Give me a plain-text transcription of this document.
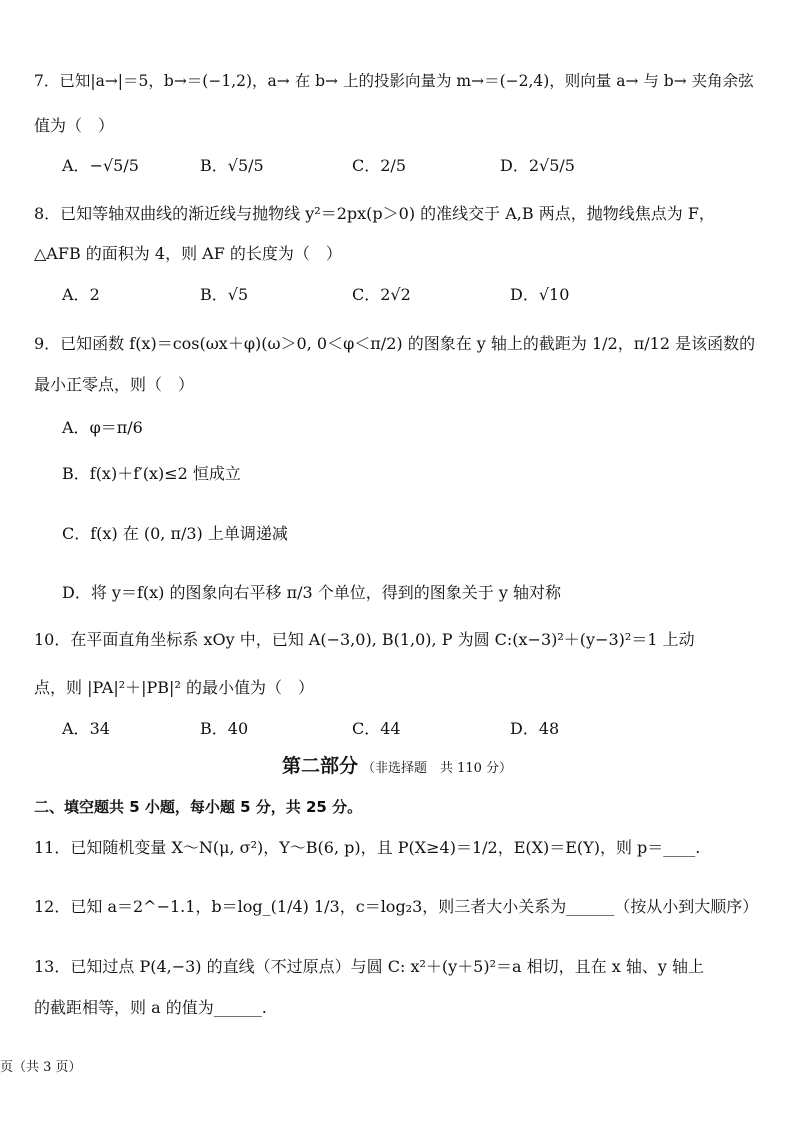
7．已知|a→|＝5，b→＝(−1,2)，a→ 在 b→ 上的投影向量为 m→＝(−2,4)，则向量 a→ 与 b→ 夹角余弦
值为（　）
A．−√5/5	B．√5/5	C．2/5	D．2√5/5
8．已知等轴双曲线的渐近线与抛物线 y²＝2px(p＞0) 的准线交于 A,B 两点，抛物线焦点为 F，
△AFB 的面积为 4，则 AF 的长度为（　）
A．2	B．√5	C．2√2	D．√10
9．已知函数 f(x)＝cos(ωx＋φ)(ω＞0, 0＜φ＜π/2) 的图象在 y 轴上的截距为 1/2，π/12 是该函数的
最小正零点，则（　）
A．φ＝π/6
B．f(x)＋f′(x)≤2 恒成立
C．f(x) 在 (0, π/3) 上单调递减
D．将 y＝f(x) 的图象向右平移 π/3 个单位，得到的图象关于 y 轴对称
10．在平面直角坐标系 xOy 中，已知 A(−3,0), B(1,0), P 为圆 C:(x−3)²＋(y−3)²＝1 上动
点，则 |PA|²＋|PB|² 的最小值为（　）
A．34	B．40	C．44	D．48
第二部分 （非选择题　共 110 分）
二、填空题共 5 小题，每小题 5 分，共 25 分。
11．已知随机变量 X～N(μ, σ²)，Y～B(6, p)，且 P(X≥4)＝1/2，E(X)＝E(Y)，则 p＝____.
12．已知 a＝2^−1.1，b＝log_(1/4) 1/3，c＝log₂3，则三者大小关系为______（按从小到大顺序）
13．已知过点 P(4,−3) 的直线（不过原点）与圆 C: x²＋(y＋5)²＝a 相切，且在 x 轴、y 轴上
的截距相等，则 a 的值为______.
页（共 3 页）
